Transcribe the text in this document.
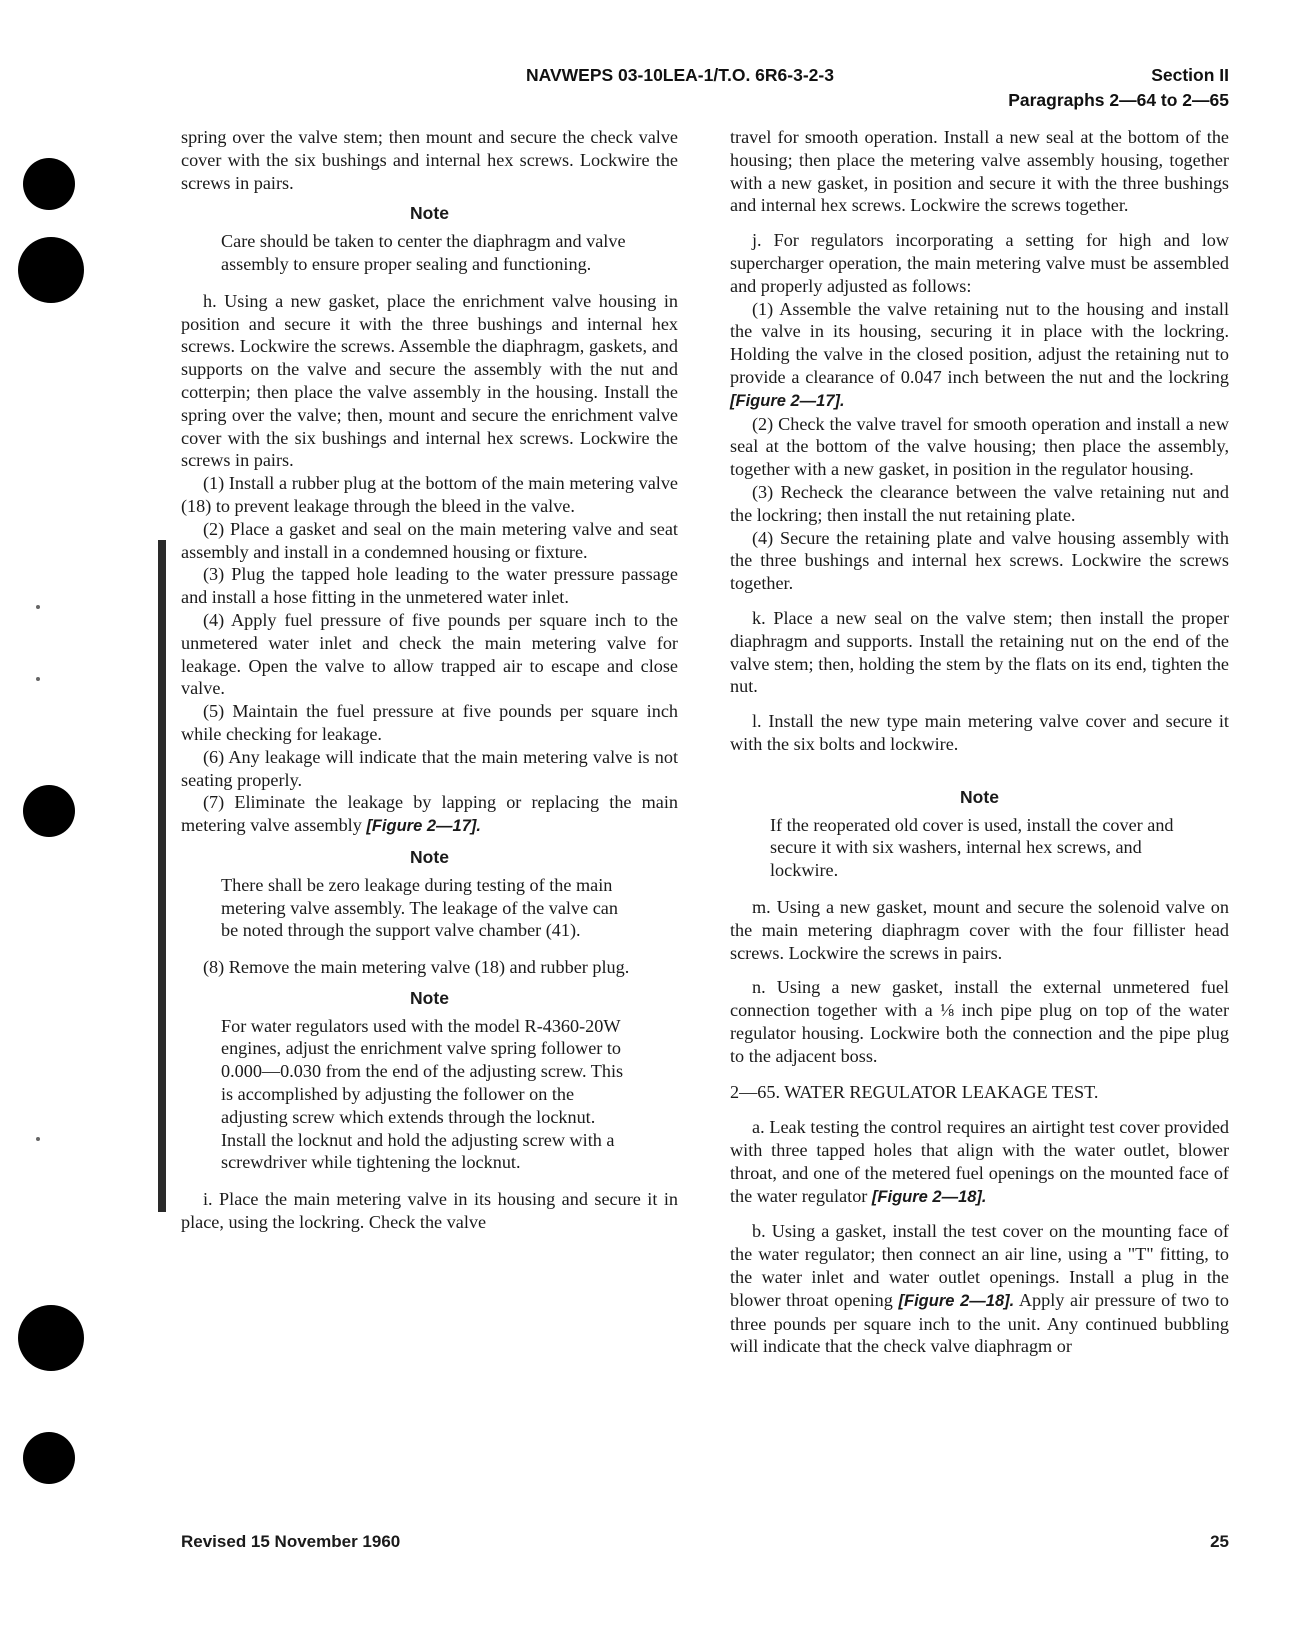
NAVWEPS 03-10LEA-1/T.O. 6R6-3-2-3	Section II
Paragraphs 2—64 to 2—65

spring over the valve stem; then mount and secure the check valve cover with the six bushings and internal hex screws. Lockwire the screws in pairs.

Note

Care should be taken to center the diaphragm and valve assembly to ensure proper sealing and functioning.

h. Using a new gasket, place the enrichment valve housing in position and secure it with the three bushings and internal hex screws. Lockwire the screws. Assemble the diaphragm, gaskets, and supports on the valve and secure the assembly with the nut and cotterpin; then place the valve assembly in the housing. Install the spring over the valve; then, mount and secure the enrichment valve cover with the six bushings and internal hex screws. Lockwire the screws in pairs.

(1) Install a rubber plug at the bottom of the main metering valve (18) to prevent leakage through the bleed in the valve.

(2) Place a gasket and seal on the main metering valve and seat assembly and install in a condemned housing or fixture.

(3) Plug the tapped hole leading to the water pressure passage and install a hose fitting in the unmetered water inlet.

(4) Apply fuel pressure of five pounds per square inch to the unmetered water inlet and check the main metering valve for leakage. Open the valve to allow trapped air to escape and close valve.

(5) Maintain the fuel pressure at five pounds per square inch while checking for leakage.

(6) Any leakage will indicate that the main metering valve is not seating properly.

(7) Eliminate the leakage by lapping or replacing the main metering valve assembly [Figure 2—17].

Note

There shall be zero leakage during testing of the main metering valve assembly. The leakage of the valve can be noted through the support valve chamber (41).

(8) Remove the main metering valve (18) and rubber plug.

Note

For water regulators used with the model R-4360-20W engines, adjust the enrichment valve spring follower to 0.000—0.030 from the end of the adjusting screw. This is accomplished by adjusting the follower on the adjusting screw which extends through the locknut. Install the locknut and hold the adjusting screw with a screwdriver while tightening the locknut.

i. Place the main metering valve in its housing and secure it in place, using the lockring. Check the valve

travel for smooth operation. Install a new seal at the bottom of the housing; then place the metering valve assembly housing, together with a new gasket, in position and secure it with the three bushings and internal hex screws. Lockwire the screws together.

j. For regulators incorporating a setting for high and low supercharger operation, the main metering valve must be assembled and properly adjusted as follows:

(1) Assemble the valve retaining nut to the housing and install the valve in its housing, securing it in place with the lockring. Holding the valve in the closed position, adjust the retaining nut to provide a clearance of 0.047 inch between the nut and the lockring [Figure 2—17].

(2) Check the valve travel for smooth operation and install a new seal at the bottom of the valve housing; then place the assembly, together with a new gasket, in position in the regulator housing.

(3) Recheck the clearance between the valve retaining nut and the lockring; then install the nut retaining plate.

(4) Secure the retaining plate and valve housing assembly with the three bushings and internal hex screws. Lockwire the screws together.

k. Place a new seal on the valve stem; then install the proper diaphragm and supports. Install the retaining nut on the end of the valve stem; then, holding the stem by the flats on its end, tighten the nut.

l. Install the new type main metering valve cover and secure it with the six bolts and lockwire.

Note

If the reoperated old cover is used, install the cover and secure it with six washers, internal hex screws, and lockwire.

m. Using a new gasket, mount and secure the solenoid valve on the main metering diaphragm cover with the four fillister head screws. Lockwire the screws in pairs.

n. Using a new gasket, install the external unmetered fuel connection together with a ⅛ inch pipe plug on top of the water regulator housing. Lockwire both the connection and the pipe plug to the adjacent boss.

2—65. WATER REGULATOR LEAKAGE TEST.

a. Leak testing the control requires an airtight test cover provided with three tapped holes that align with the water outlet, blower throat, and one of the metered fuel openings on the mounted face of the water regulator [Figure 2—18].

b. Using a gasket, install the test cover on the mounting face of the water regulator; then connect an air line, using a "T" fitting, to the water inlet and water outlet openings. Install a plug in the blower throat opening [Figure 2—18]. Apply air pressure of two to three pounds per square inch to the unit. Any continued bubbling will indicate that the check valve diaphragm or

Revised 15 November 1960	25
